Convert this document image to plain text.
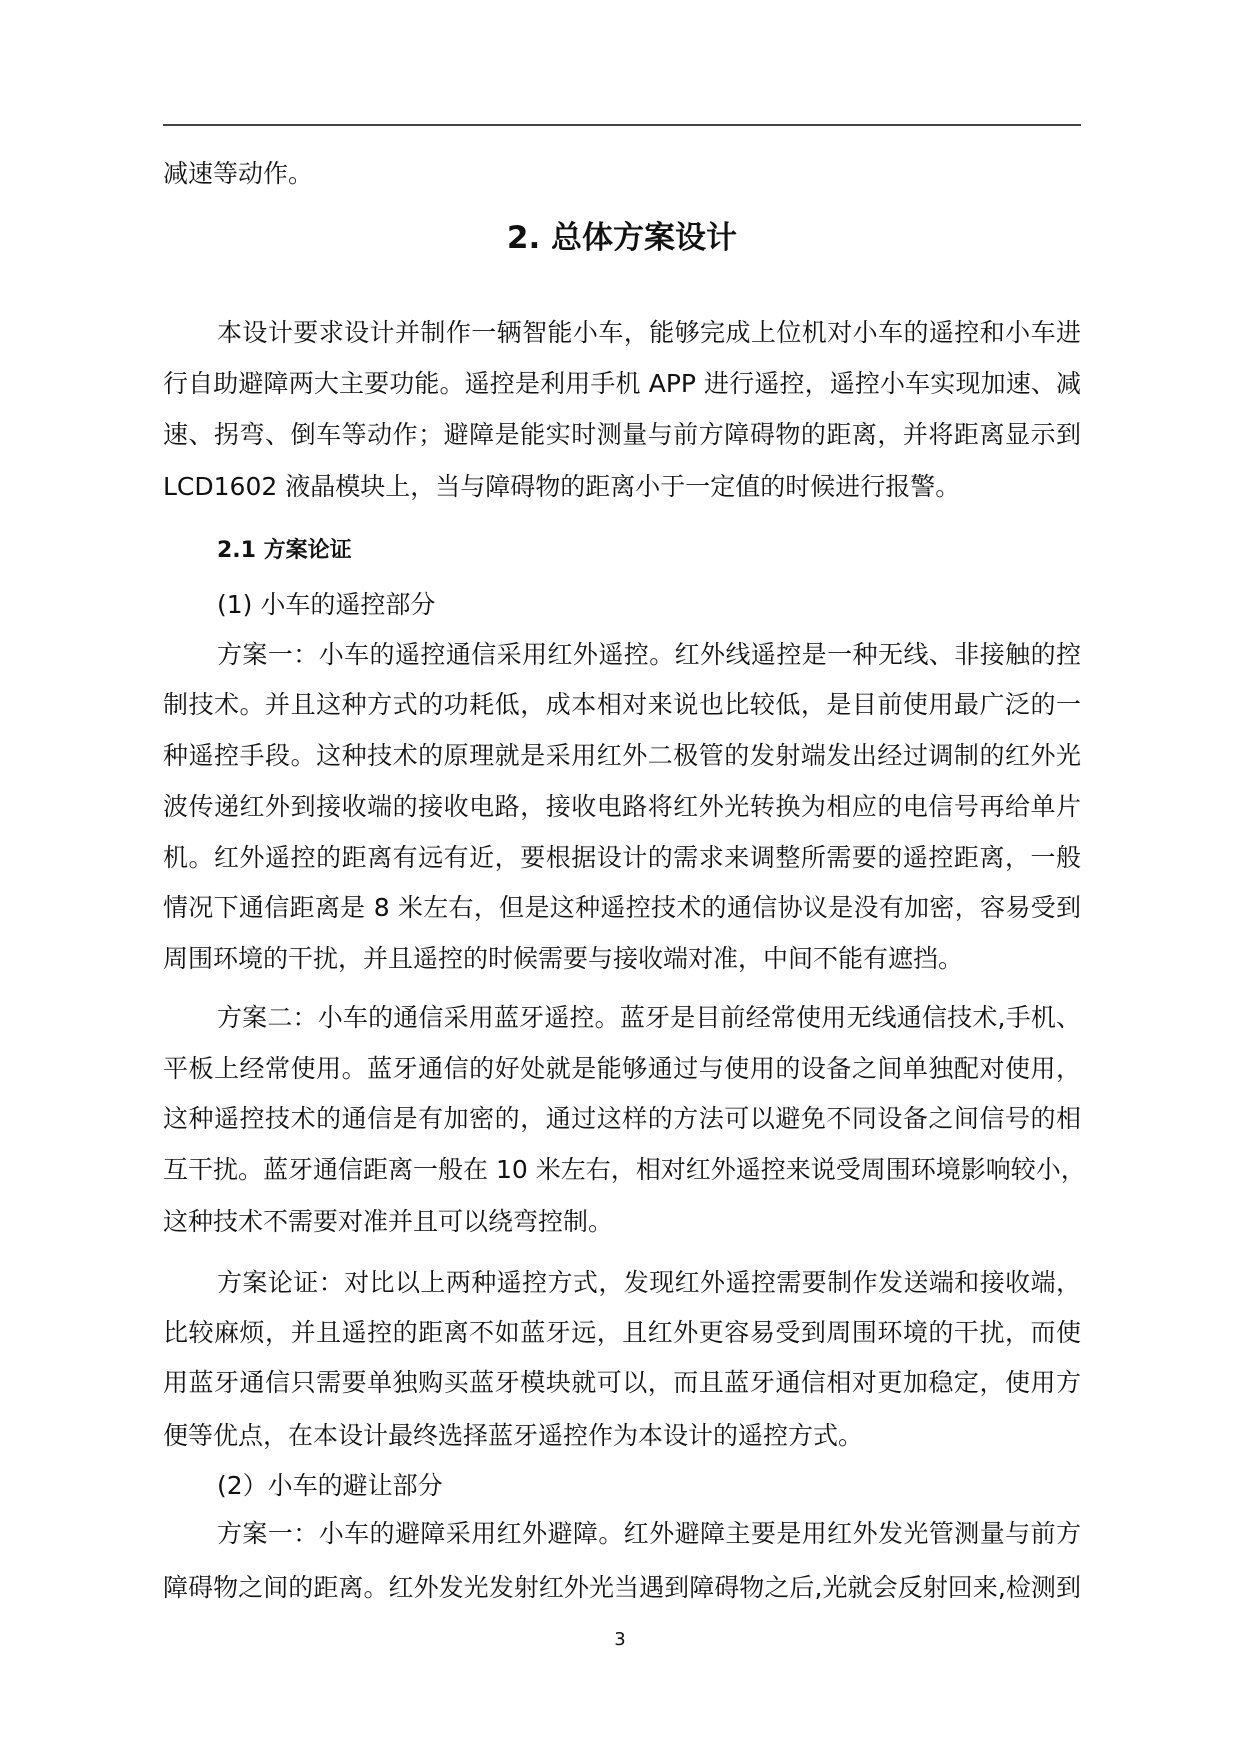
减速等动作。
2. 总体方案设计
本设计要求设计并制作一辆智能小车，能够完成上位机对小车的遥控和小车进
行自助避障两大主要功能。遥控是利用手机 APP 进行遥控，遥控小车实现加速、减
速、拐弯、倒车等动作；避障是能实时测量与前方障碍物的距离，并将距离显示到
LCD1602 液晶模块上，当与障碍物的距离小于一定值的时候进行报警。
2.1 方案论证
(1) 小车的遥控部分
方案一：小车的遥控通信采用红外遥控。红外线遥控是一种无线、非接触的控
制技术。并且这种方式的功耗低，成本相对来说也比较低，是目前使用最广泛的一
种遥控手段。这种技术的原理就是采用红外二极管的发射端发出经过调制的红外光
波传递红外到接收端的接收电路，接收电路将红外光转换为相应的电信号再给单片
机。红外遥控的距离有远有近，要根据设计的需求来调整所需要的遥控距离，一般
情况下通信距离是 8 米左右，但是这种遥控技术的通信协议是没有加密，容易受到
周围环境的干扰，并且遥控的时候需要与接收端对准，中间不能有遮挡。
方案二：小车的通信采用蓝牙遥控。蓝牙是目前经常使用无线通信技术,手机、
平板上经常使用。蓝牙通信的好处就是能够通过与使用的设备之间单独配对使用，
这种遥控技术的通信是有加密的，通过这样的方法可以避免不同设备之间信号的相
互干扰。蓝牙通信距离一般在 10 米左右，相对红外遥控来说受周围环境影响较小，
这种技术不需要对准并且可以绕弯控制。
方案论证：对比以上两种遥控方式，发现红外遥控需要制作发送端和接收端，
比较麻烦，并且遥控的距离不如蓝牙远，且红外更容易受到周围环境的干扰，而使
用蓝牙通信只需要单独购买蓝牙模块就可以，而且蓝牙通信相对更加稳定，使用方
便等优点，在本设计最终选择蓝牙遥控作为本设计的遥控方式。
(2）小车的避让部分
方案一：小车的避障采用红外避障。红外避障主要是用红外发光管测量与前方
障碍物之间的距离。红外发光发射红外光当遇到障碍物之后,光就会反射回来,检测到
3
